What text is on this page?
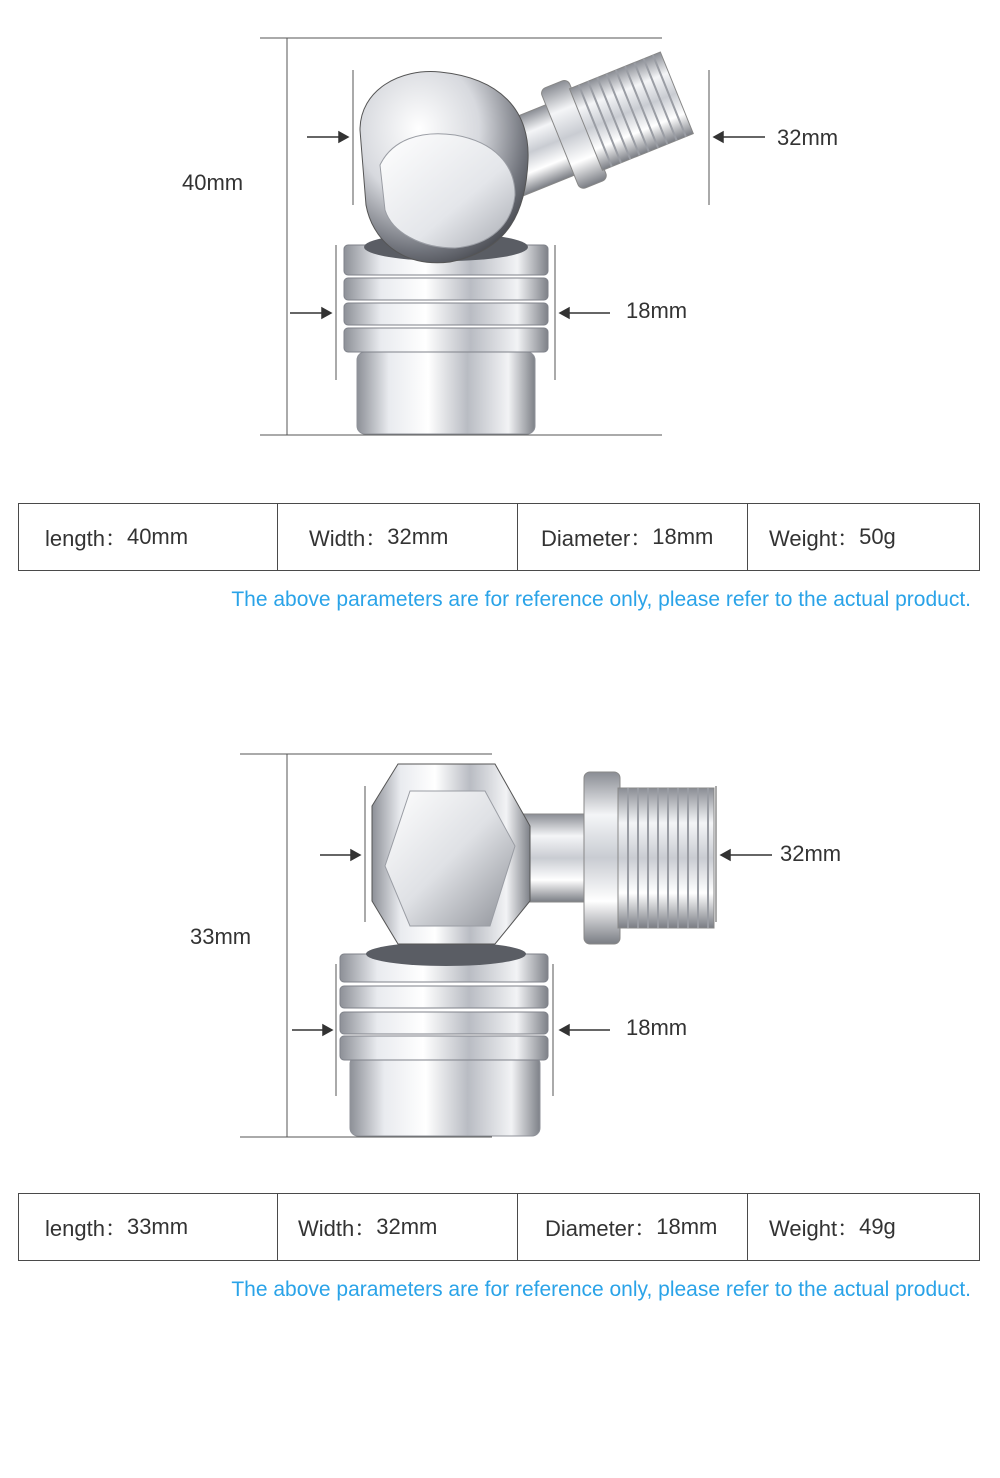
40mm
32mm
18mm
length： 40mm	Width： 32mm	Diameter： 18mm	Weight： 50g
The above parameters are for reference only, please refer to the actual product.
33mm
32mm
18mm
length： 33mm	Width： 32mm	Diameter： 18mm Weight： 49g
The above parameters are for reference only, please refer to the actual product.
